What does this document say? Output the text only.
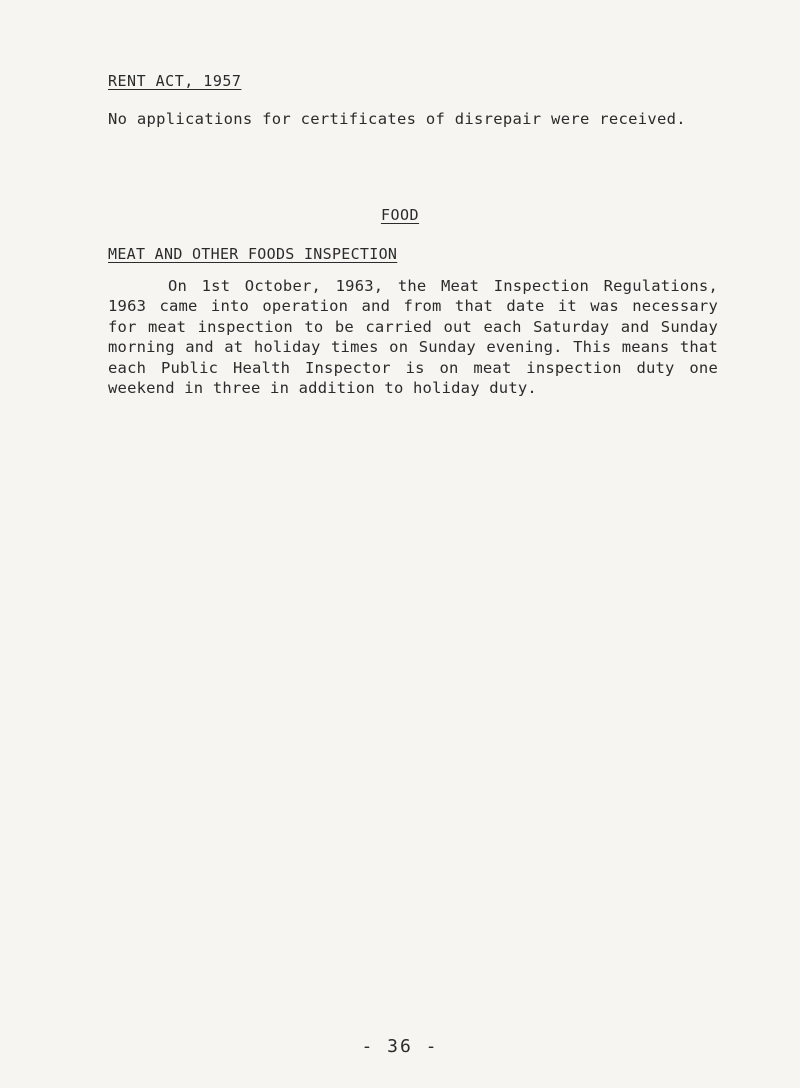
RENT ACT, 1957
No applications for certificates of disrepair were received.
FOOD
MEAT AND OTHER FOODS INSPECTION
On 1st October, 1963, the Meat Inspection Regulations, 1963 came into operation and from that date it was necessary for meat inspection to be carried out each Saturday and Sunday morning and at holiday times on Sunday evening. This means that each Public Health Inspector is on meat inspection duty one weekend in three in addition to holiday duty.
- 36 -
